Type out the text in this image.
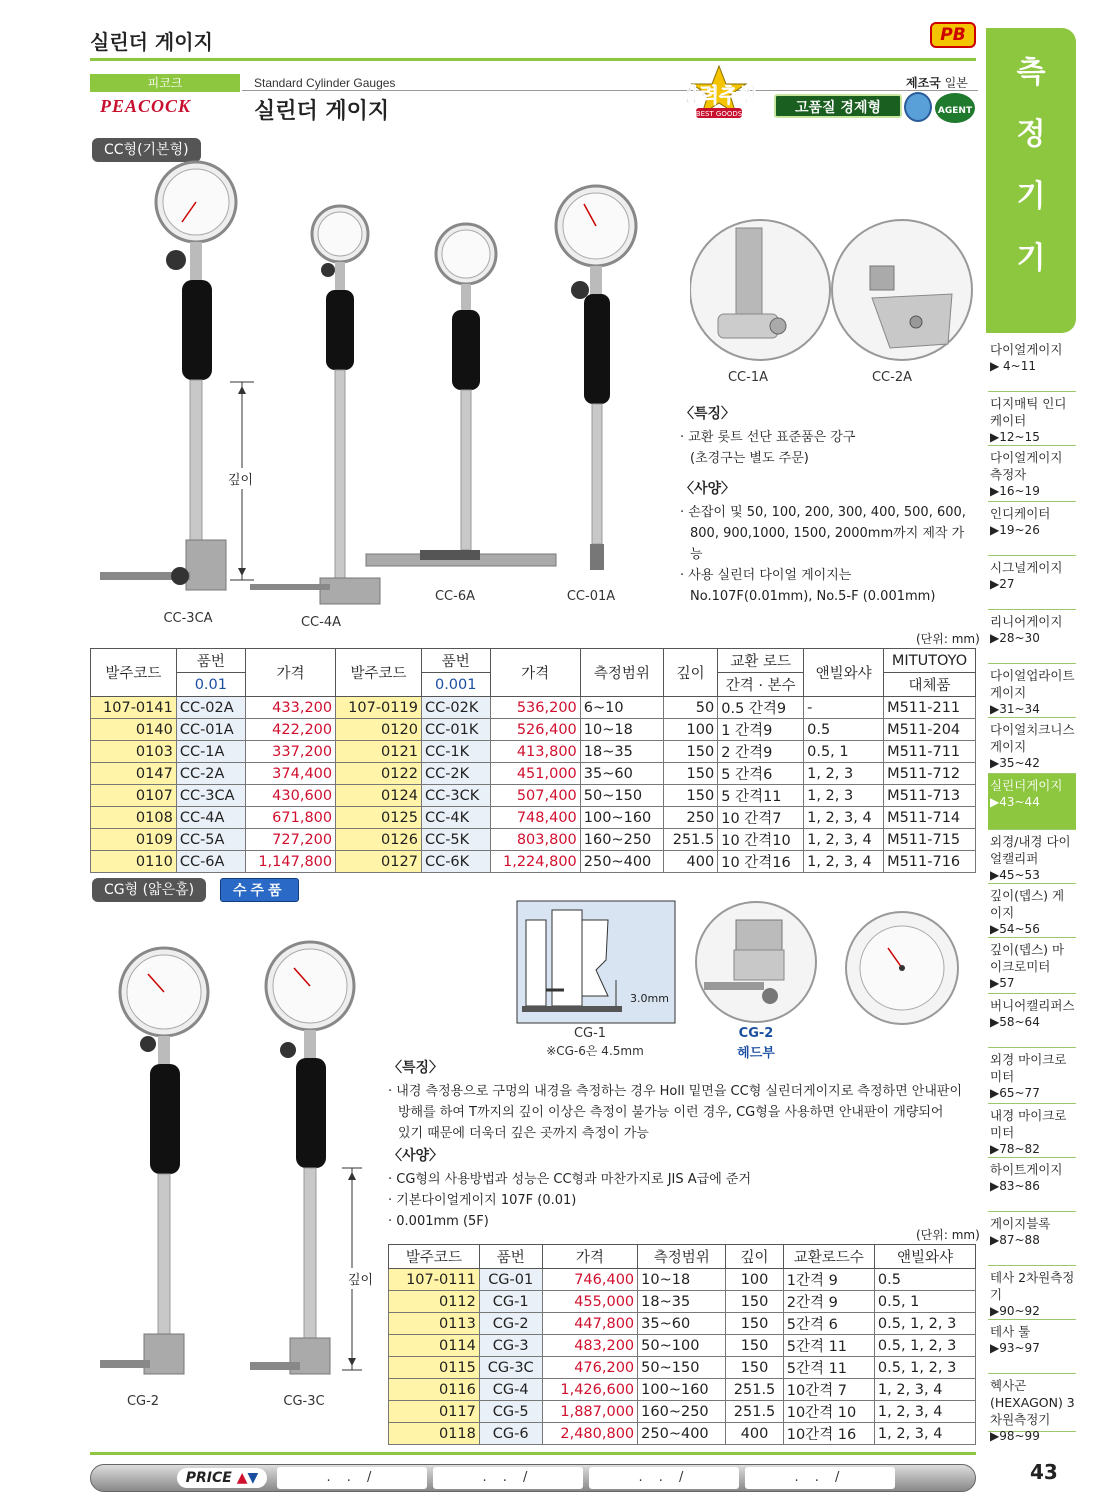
실린더 게이지	PB
피코크
PEACOCK
Standard Cylinder Gauges
실린더 게이지
제조국 일본
강력추천
BEST GOODS	고품질 경제형	AGENT
측
정
기
기
다이얼게이지
▶ 4~11
디지매틱 인디케이터
▶12~15
다이얼게이지 측정자
▶16~19
인디케이터
▶19~26
시그널게이지
▶27
리니어게이지
▶28~30
다이얼업라이트 게이지
▶31~34
다이얼치크니스 게이지
▶35~42
실린더게이지
▶43~44
외경/내경 다이얼캘리퍼
▶45~53
깊이(뎁스) 게이지
▶54~56
깊이(뎁스) 마이크로미터
▶57
버니어캘리퍼스
▶58~64
외경 마이크로미터
▶65~77
내경 마이크로미터
▶78~82
하이트게이지
▶83~86
게이지블록
▶87~88
테사 2차원측정기
▶90~92
테사 툴
▶93~97
헥사곤(HEXAGON) 3차원측정기
▶98~99
CC형(기본형)
깊이
CC-3CA	CC-4A
CC-6A	CC-01A
CC-1A	CC-2A
〈특징〉
· 교환 롯트 선단 표준품은 강구
(초경구는 별도 주문)
〈사양〉
· 손잡이 및 50, 100, 200, 300, 400, 500, 600,
800, 900,1000, 1500, 2000mm까지 제작 가능
· 사용 실린더 다이얼 게이지는
No.107F(0.01mm), No.5-F (0.001mm)
(단위: mm)
발주코드	품번	가격	발주코드	품번	가격	측정범위	깊이	교환 로드	앤빌와샤	MITUTOYO
	0.01			0.001				간격 · 본수		대체품
107-0141	CC-02A	433,200	107-0119	CC-02K	536,200	6~10	50	0.5 간격9	-	M511-211
0140	CC-01A	422,200	0120	CC-01K	526,400	10~18	100	1 간격9	0.5	M511-204
0103	CC-1A	337,200	0121	CC-1K	413,800	18~35	150	2 간격9	0.5, 1	M511-711
0147	CC-2A	374,400	0122	CC-2K	451,000	35~60	150	5 간격6	1, 2, 3	M511-712
0107	CC-3CA	430,600	0124	CC-3CK	507,400	50~150	150	5 간격11	1, 2, 3	M511-713
0108	CC-4A	671,800	0125	CC-4K	748,400	100~160	250	10 간격7	1, 2, 3, 4	M511-714
0109	CC-5A	727,200	0126	CC-5K	803,800	160~250	251.5	10 간격10	1, 2, 3, 4	M511-715
0110	CC-6A	1,147,800	0127	CC-6K	1,224,800	250~400	400	10 간격16	1, 2, 3, 4	M511-716
CG형 (얇은홈)	수주품
깊이
CG-2	CG-3C
3.0mm
CG-1
※CG-6은 4.5mm
CG-2
헤드부
〈특징〉
· 내경 측정용으로 구멍의 내경을 측정하는 경우 Holl 밑면을 CC형 실린더게이지로 측정하면 안내판이
방해를 하여 T까지의 깊이 이상은 측정이 불가능 이런 경우, CG형을 사용하면 안내판이 개량되어
있기 때문에 더욱더 깊은 곳까지 측정이 가능
〈사양〉
· CG형의 사용방법과 성능은 CC형과 마찬가지로 JIS A급에 준거
· 기본다이얼게이지 107F (0.01)
· 0.001mm (5F)
(단위: mm)
발주코드	품번	가격	측정범위	깊이	교환로드수	앤빌와샤
107-0111	CG-01	746,400	10~18	100	1간격 9	0.5
0112	CG-1	455,000	18~35	150	2간격 9	0.5, 1
0113	CG-2	447,800	35~60	150	5간격 6	0.5, 1, 2, 3
0114	CG-3	483,200	50~100	150	5간격 11	0.5, 1, 2, 3
0115	CG-3C	476,200	50~150	150	5간격 11	0.5, 1, 2, 3
0116	CG-4	1,426,600	100~160	251.5	10간격 7	1, 2, 3, 4
0117	CG-5	1,887,000	160~250	251.5	10간격 10	1, 2, 3, 4
0118	CG-6	2,480,800	250~400	400	10간격 16	1, 2, 3, 4
PRICE ▲▼	. . /	. . /	. . /	. . /	43
